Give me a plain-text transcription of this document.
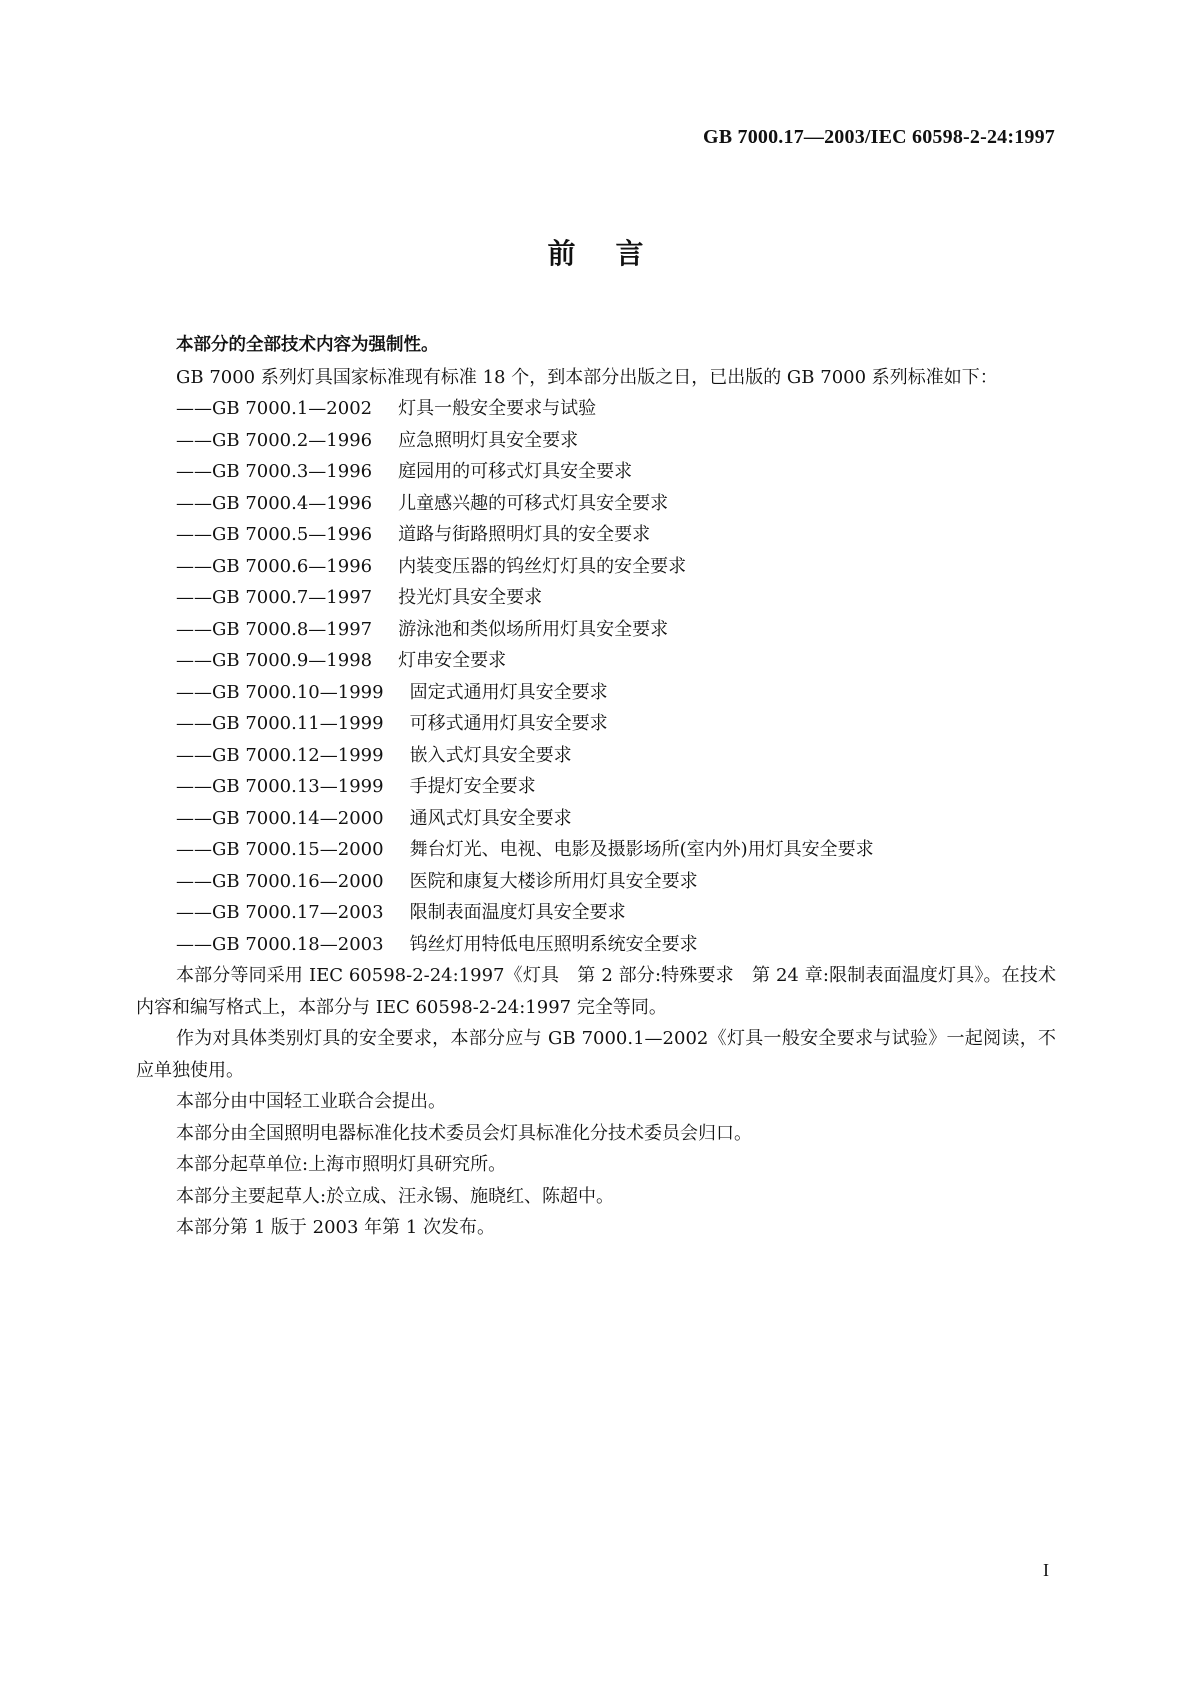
GB 7000.17—2003/IEC 60598-2-24:1997
前言

本部分的全部技术内容为强制性。

GB 7000 系列灯具国家标准现有标准 18 个，到本部分出版之日，已出版的 GB 7000 系列标准如下：

——GB 7000.1—2002 灯具一般安全要求与试验
——GB 7000.2—1996 应急照明灯具安全要求
——GB 7000.3—1996 庭园用的可移式灯具安全要求
——GB 7000.4—1996 儿童感兴趣的可移式灯具安全要求
——GB 7000.5—1996 道路与街路照明灯具的安全要求
——GB 7000.6—1996 内装变压器的钨丝灯灯具的安全要求
——GB 7000.7—1997 投光灯具安全要求
——GB 7000.8—1997 游泳池和类似场所用灯具安全要求
——GB 7000.9—1998 灯串安全要求
——GB 7000.10—1999 固定式通用灯具安全要求
——GB 7000.11—1999 可移式通用灯具安全要求
——GB 7000.12—1999 嵌入式灯具安全要求
——GB 7000.13—1999 手提灯安全要求
——GB 7000.14—2000 通风式灯具安全要求
——GB 7000.15—2000 舞台灯光、电视、电影及摄影场所(室内外)用灯具安全要求
——GB 7000.16—2000 医院和康复大楼诊所用灯具安全要求
——GB 7000.17—2003 限制表面温度灯具安全要求
——GB 7000.18—2003 钨丝灯用特低电压照明系统安全要求

本部分等同采用 IEC 60598-2-24:1997《灯具　第 2 部分:特殊要求　第 24 章:限制表面温度灯具》。在技术内容和编写格式上，本部分与 IEC 60598-2-24:1997 完全等同。

作为对具体类别灯具的安全要求，本部分应与 GB 7000.1—2002《灯具一般安全要求与试验》一起阅读，不应单独使用。

本部分由中国轻工业联合会提出。

本部分由全国照明电器标准化技术委员会灯具标准化分技术委员会归口。

本部分起草单位:上海市照明灯具研究所。

本部分主要起草人:於立成、汪永锡、施晓红、陈超中。

本部分第 1 版于 2003 年第 1 次发布。

I
